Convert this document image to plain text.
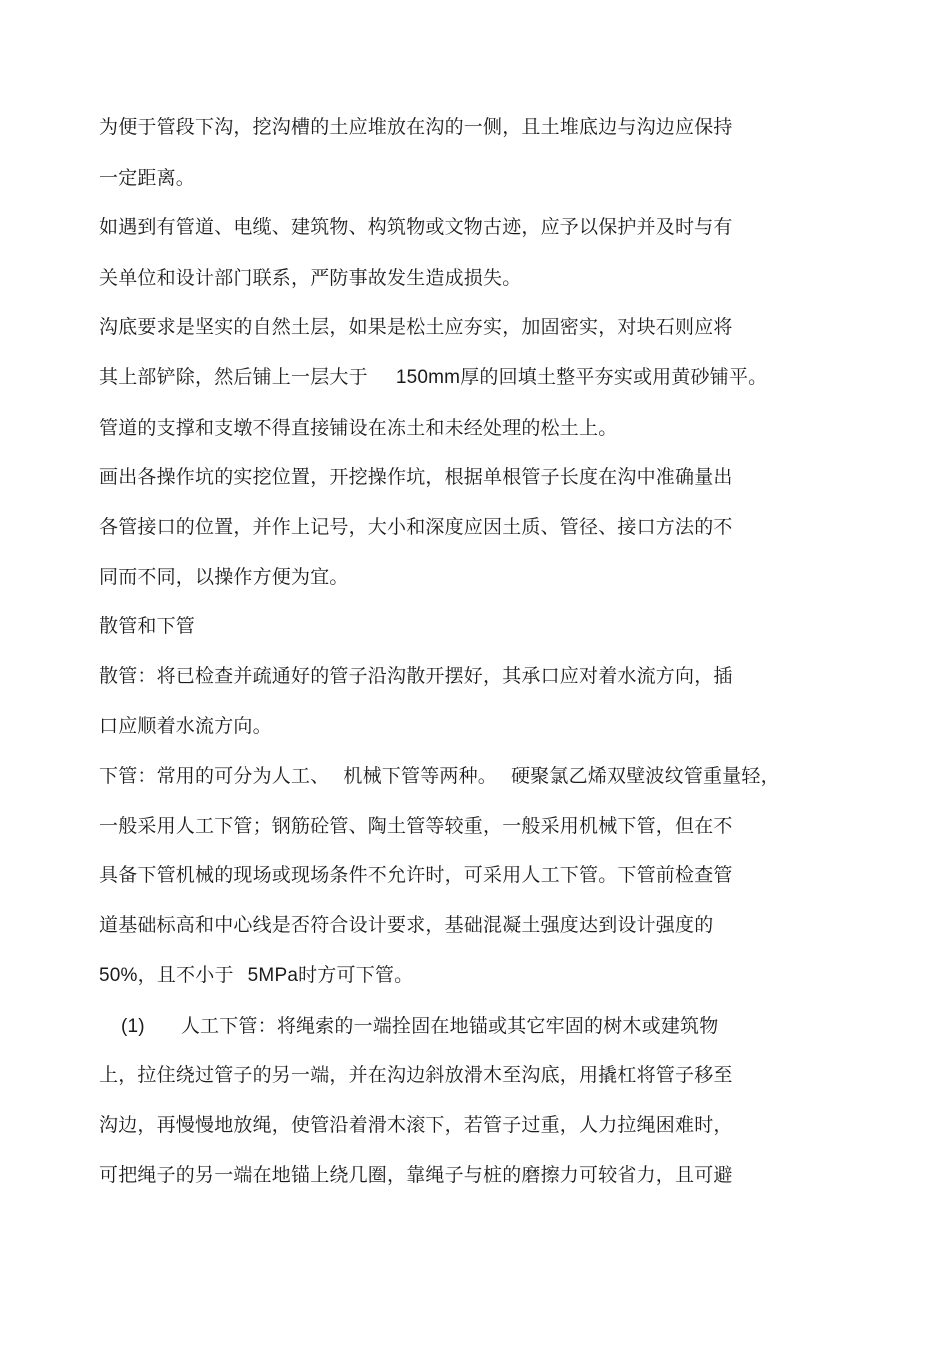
为便于管段下沟，挖沟槽的土应堆放在沟的一侧，且土堆底边与沟边应保持
一定距离。
如遇到有管道、电缆、建筑物、构筑物或文物古迹，应予以保护并及时与有
关单位和设计部门联系，严防事故发生造成损失。
沟底要求是坚实的自然土层，如果是松土应夯实，加固密实，对块石则应将
其上部铲除，然后铺上一层大于 150mm厚的回填土整平夯实或用黄砂铺平。
管道的支撑和支墩不得直接铺设在冻土和未经处理的松土上。
画出各操作坑的实挖位置，开挖操作坑，根据单根管子长度在沟中准确量出
各管接口的位置，并作上记号，大小和深度应因土质、管径、接口方法的不
同而不同，以操作方便为宜。
散管和下管
散管：将已检查并疏通好的管子沿沟散开摆好，其承口应对着水流方向，插
口应顺着水流方向。
下管：常用的可分为人工、 机械下管等两种。 硬聚氯乙烯双壁波纹管重量轻，
一般采用人工下管；钢筋砼管、陶土管等较重，一般采用机械下管，但在不
具备下管机械的现场或现场条件不允许时，可采用人工下管。下管前检查管
道基础标高和中心线是否符合设计要求，基础混凝土强度达到设计强度的
50%，且不小于 5MPa时方可下管。
(1) 人工下管：将绳索的一端拴固在地锚或其它牢固的树木或建筑物
上，拉住绕过管子的另一端，并在沟边斜放滑木至沟底，用撬杠将管子移至
沟边，再慢慢地放绳，使管沿着滑木滚下，若管子过重，人力拉绳困难时，
可把绳子的另一端在地锚上绕几圈，靠绳子与桩的磨擦力可较省力，且可避
